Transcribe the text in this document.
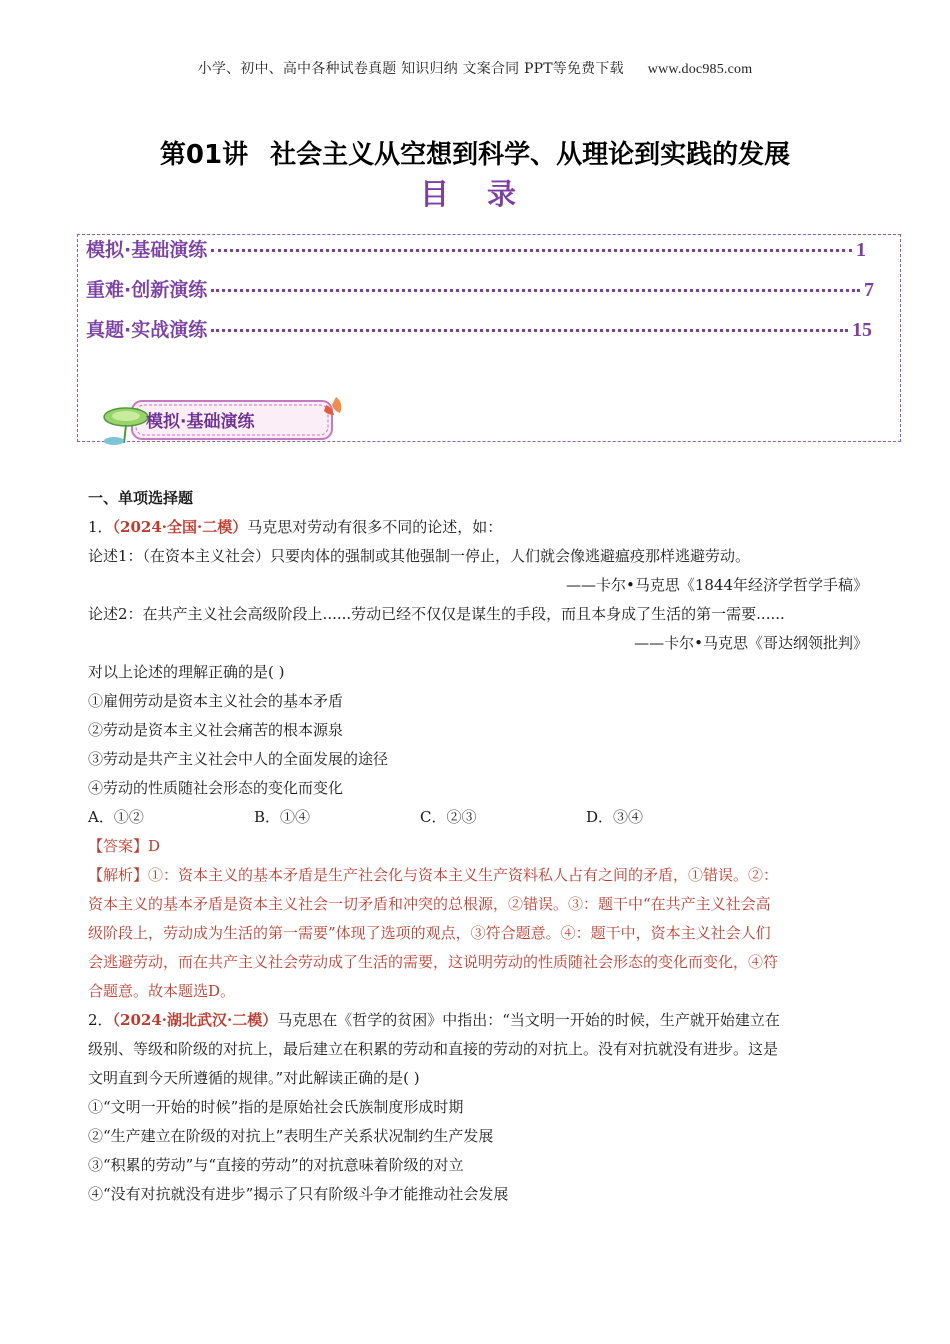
小学、初中、高中各种试卷真题 知识归纳 文案合同 PPT等免费下载 www.doc985.com
第01讲 社会主义从空想到科学、从理论到实践的发展
目 录
模拟·基础演练	1
重难·创新演练	7
真题·实战演练	15
模拟·基础演练
一、单项选择题
1．（2024·全国·二模）马克思对劳动有很多不同的论述，如：
论述1：（在资本主义社会）只要肉体的强制或其他强制一停止，人们就会像逃避瘟疫那样逃避劳动。
——卡尔•马克思《1844年经济学哲学手稿》
论述2：在共产主义社会高级阶段上......劳动已经不仅仅是谋生的手段，而且本身成了生活的第一需要......
——卡尔•马克思《哥达纲领批判》
对以上论述的理解正确的是( )
①雇佣劳动是资本主义社会的基本矛盾
②劳动是资本主义社会痛苦的根本源泉
③劳动是共产主义社会中人的全面发展的途径
④劳动的性质随社会形态的变化而变化
A．①②	B．①④	C．②③	D．③④
【答案】D
【解析】①：资本主义的基本矛盾是生产社会化与资本主义生产资料私人占有之间的矛盾，①错误。②：
资本主义的基本矛盾是资本主义社会一切矛盾和冲突的总根源，②错误。③：题干中“在共产主义社会高
级阶段上，劳动成为生活的第一需要”体现了选项的观点，③符合题意。④：题干中，资本主义社会人们
会逃避劳动，而在共产主义社会劳动成了生活的需要，这说明劳动的性质随社会形态的变化而变化，④符
合题意。故本题选D。
2．（2024·湖北武汉·二模）马克思在《哲学的贫困》中指出：“当文明一开始的时候，生产就开始建立在
级别、等级和阶级的对抗上，最后建立在积累的劳动和直接的劳动的对抗上。没有对抗就没有进步。这是
文明直到今天所遵循的规律。”对此解读正确的是( )
①“文明一开始的时候”指的是原始社会氏族制度形成时期
②“生产建立在阶级的对抗上”表明生产关系状况制约生产发展
③“积累的劳动”与“直接的劳动”的对抗意味着阶级的对立
④“没有对抗就没有进步”揭示了只有阶级斗争才能推动社会发展
